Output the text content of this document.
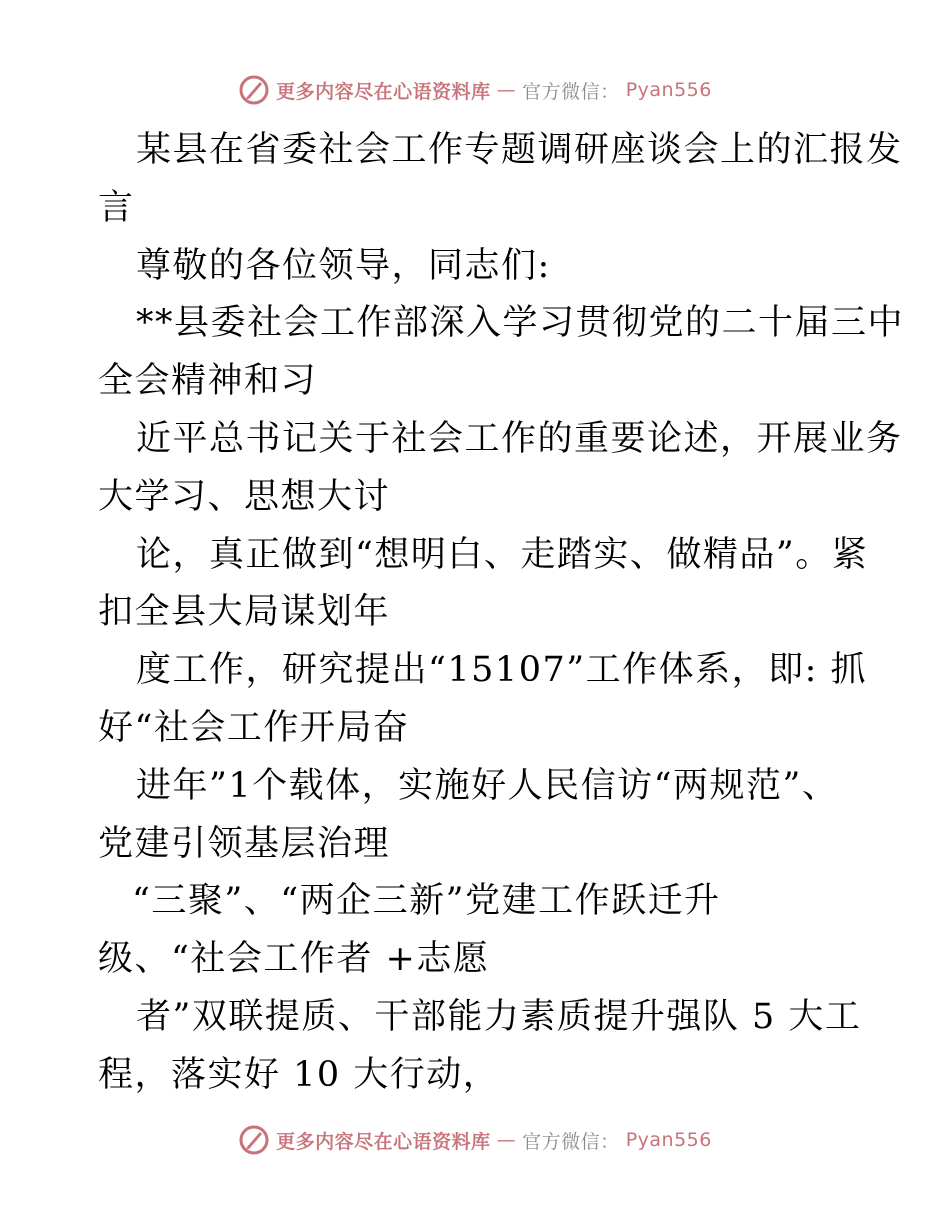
更多内容尽在心语资料库 — 官方微信： Pyan556
某县在省委社会工作专题调研座谈会上的汇报发
言
尊敬的各位领导，同志们:
**县委社会工作部深入学习贯彻党的二十届三中
全会精神和习
近平总书记关于社会工作的重要论述，开展业务
大学习、思想大讨
论，真正做到“想明白、走踏实、做精品”。紧
扣全县大局谋划年
度工作，研究提出“15107”工作体系，即: 抓
好“社会工作开局奋
进年”1个载体，实施好人民信访“两规范”、
党建引领基层治理
“三聚”、“两企三新”党建工作跃迁升
级、“社会工作者 +志愿
者”双联提质、干部能力素质提升强队 5 大工
程，落实好 10 大行动，
更多内容尽在心语资料库 — 官方微信： Pyan556
